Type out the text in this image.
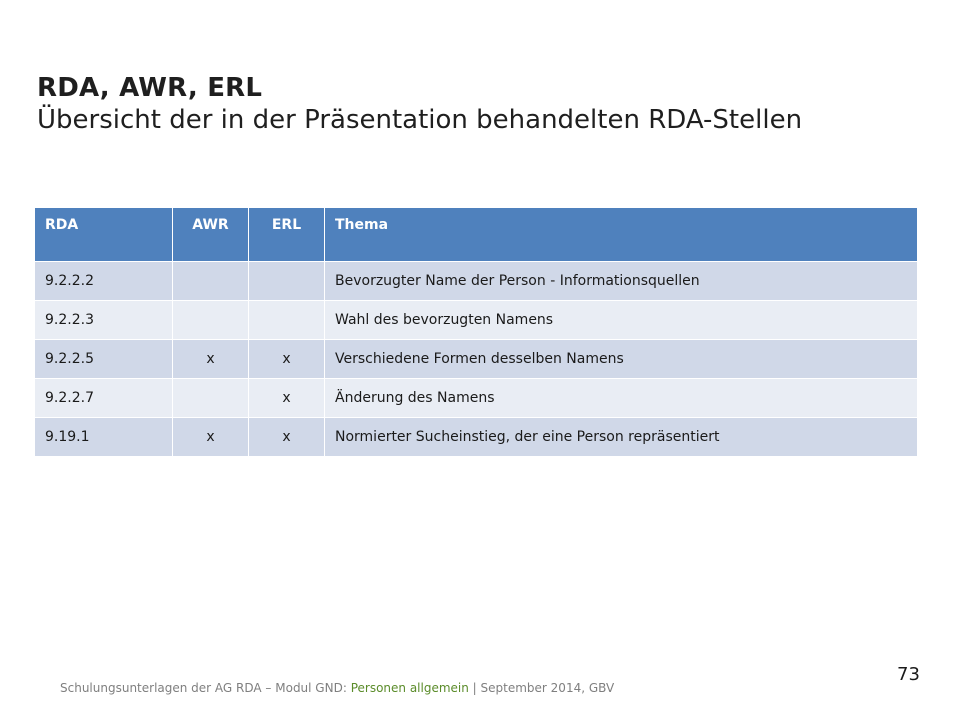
RDA, AWR, ERL
Übersicht der in der Präsentation behandelten RDA-Stellen
RDA	AWR	ERL	Thema
9.2.2.2			Bevorzugter Name der Person - Informationsquellen
9.2.2.3			Wahl des bevorzugten Namens
9.2.2.5	x	x	Verschiedene Formen desselben Namens
9.2.2.7		x	Änderung des Namens
9.19.1	x	x	Normierter Sucheinstieg, der eine Person repräsentiert
Schulungsunterlagen der AG RDA – Modul GND: Personen allgemein | September 2014, GBV
73
